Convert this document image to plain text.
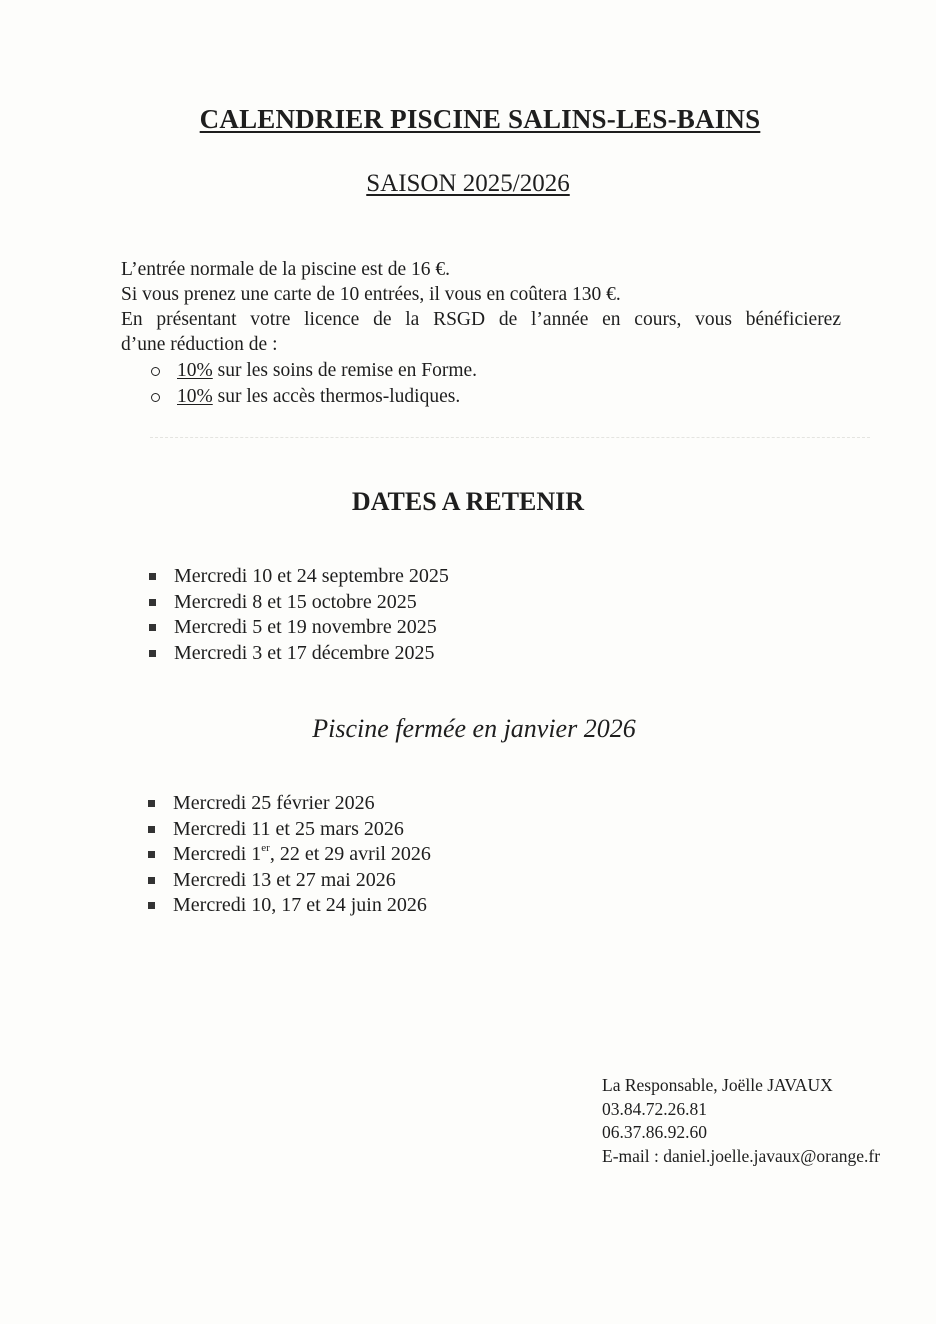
CALENDRIER PISCINE SALINS-LES-BAINS
SAISON 2025/2026

L’entrée normale de la piscine est de 16 €.

Si vous prenez une carte de 10 entrées, il vous en coûtera 130 €.

En présentant votre licence de la RSGD de l’année en cours, vous bénéficierez

d’une réduction de :

10% sur les soins de remise en Forme.
10% sur les accès thermos-ludiques.
DATES A RETENIR
Mercredi 10 et 24 septembre 2025
Mercredi 8 et 15 octobre 2025
Mercredi 5 et 19 novembre 2025
Mercredi 3 et 17 décembre 2025
Piscine fermée en janvier 2026
Mercredi 25 février 2026
Mercredi 11 et 25 mars 2026
Mercredi 1er, 22 et 29 avril 2026
Mercredi 13 et 27 mai 2026
Mercredi 10, 17 et 24 juin 2026
La Responsable, Joëlle JAVAUX
03.84.72.26.81
06.37.86.92.60
E-mail : daniel.joelle.javaux@orange.fr
